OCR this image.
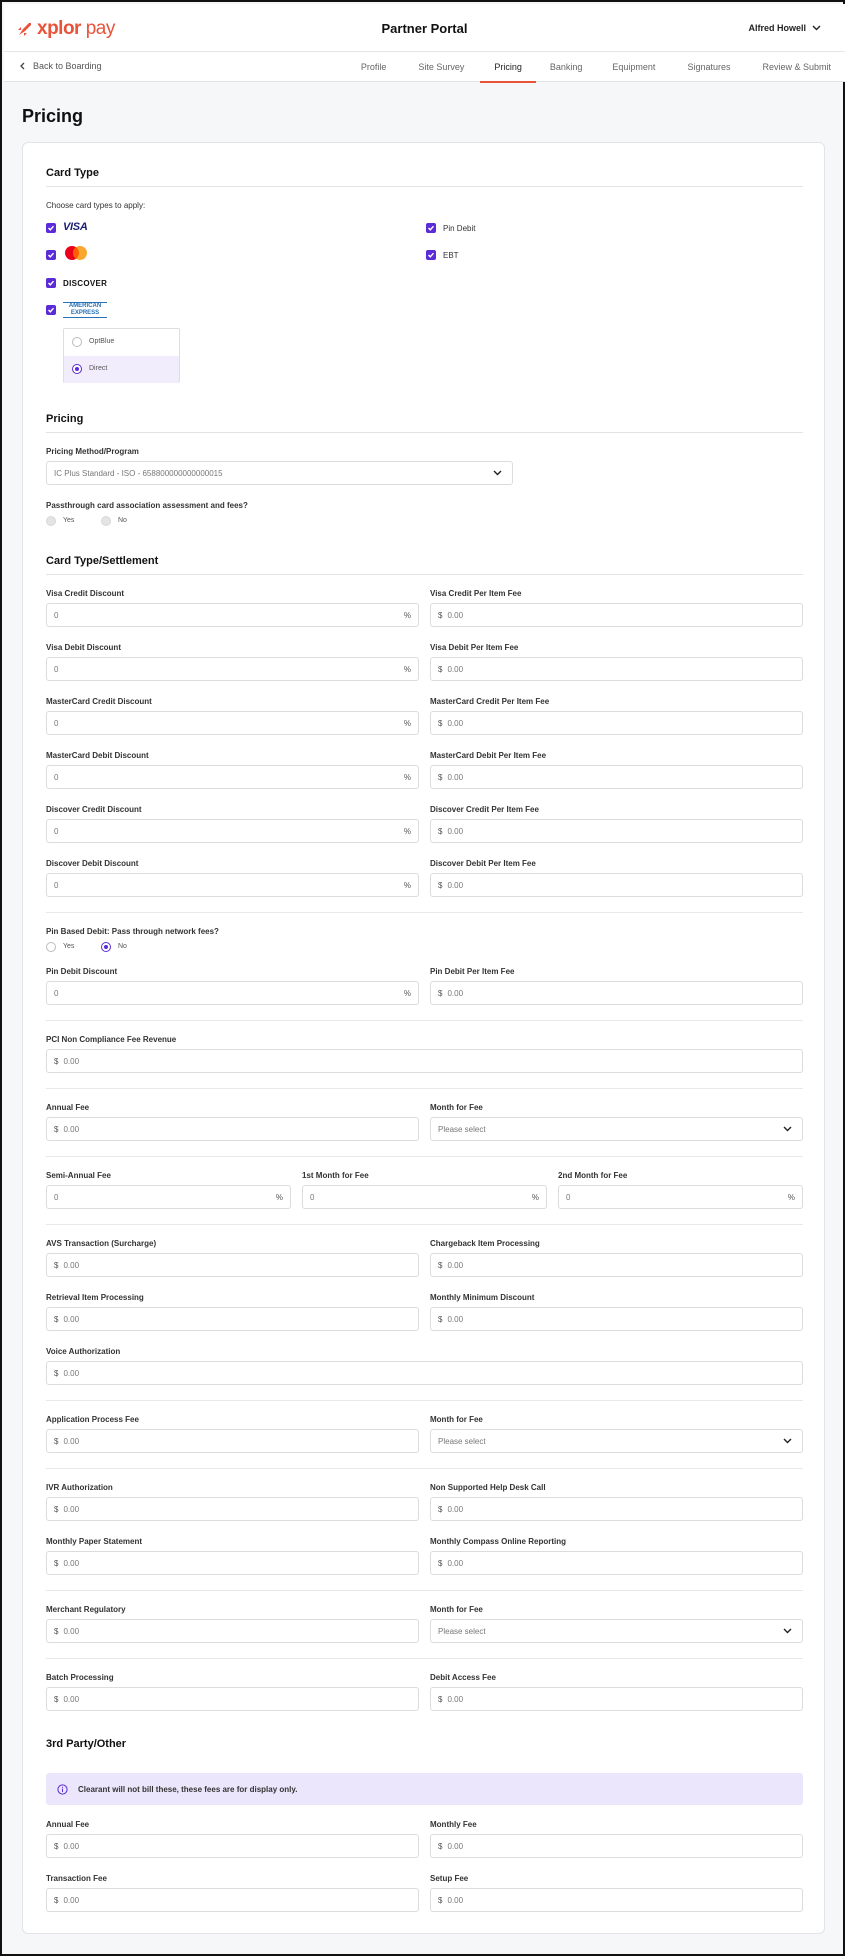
xplor pay	Partner Portal	Alfred Howell
Back to Boarding	Profile	Site Survey	Pricing	Banking	Equipment	Signatures	Review & Submit
Pricing
Card Type
Choose card types to apply:
VISA
DISCOVER
AMERICAN
EXPRESS
OptBlue
Direct
Pin Debit
EBT
Pricing
Pricing Method/Program
IC Plus Standard - ISO - 658800000000000015
Passthrough card association assessment and fees?
Yes	No
Card Type/Settlement
Visa Credit Discount
0	%
Visa Credit Per Item Fee
$ 0.00
Visa Debit Discount
0	%
Visa Debit Per Item Fee
$ 0.00
MasterCard Credit Discount
0	%
MasterCard Credit Per Item Fee
$ 0.00
MasterCard Debit Discount
0	%
MasterCard Debit Per Item Fee
$ 0.00
Discover Credit Discount
0	%
Discover Credit Per Item Fee
$ 0.00
Discover Debit Discount
0	%
Discover Debit Per Item Fee
$ 0.00
Pin Based Debit: Pass through network fees?
Yes	No
Pin Debit Discount
0	%
Pin Debit Per Item Fee
$ 0.00
PCI Non Compliance Fee Revenue
$ 0.00
Annual Fee
$ 0.00
Month for Fee
Please select
Semi-Annual Fee
0	%
1st Month for Fee
0	%
2nd Month for Fee
0	%
AVS Transaction (Surcharge)
$ 0.00
Chargeback Item Processing
$ 0.00
Retrieval Item Processing
$ 0.00
Monthly Minimum Discount
$ 0.00
Voice Authorization
$ 0.00
Application Process Fee
$ 0.00
Month for Fee
Please select
IVR Authorization
$ 0.00
Non Supported Help Desk Call
$ 0.00
Monthly Paper Statement
$ 0.00
Monthly Compass Online Reporting
$ 0.00
Merchant Regulatory
$ 0.00
Month for Fee
Please select
Batch Processing
$ 0.00
Debit Access Fee
$ 0.00
3rd Party/Other
Clearant will not bill these, these fees are for display only.
Annual Fee
$ 0.00
Monthly Fee
$ 0.00
Transaction Fee
$ 0.00
Setup Fee
$ 0.00
